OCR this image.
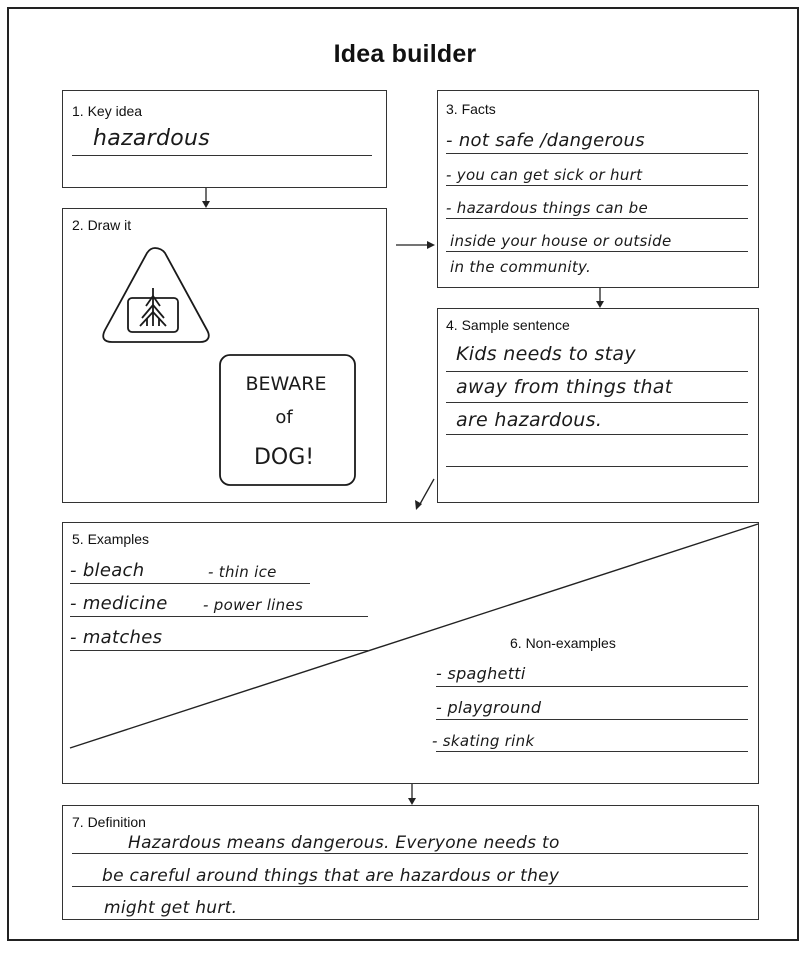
Idea builder
1. Key idea
hazardous
2. Draw it
3. Facts
- not safe /dangerous
- you can get sick or hurt
- hazardous things can be
inside your house or outside
in the community.
4. Sample sentence
Kids needs to stay
away from things that
are hazardous.
5. Examples
- bleach	- thin ice
- medicine - power lines
- matches	6. Non-examples
- spaghetti
- playground
- skating rink
7. Definition
Hazardous means dangerous. Everyone needs to
be careful around things that are hazardous or they
might get hurt.
BEWARE
of
DOG!
